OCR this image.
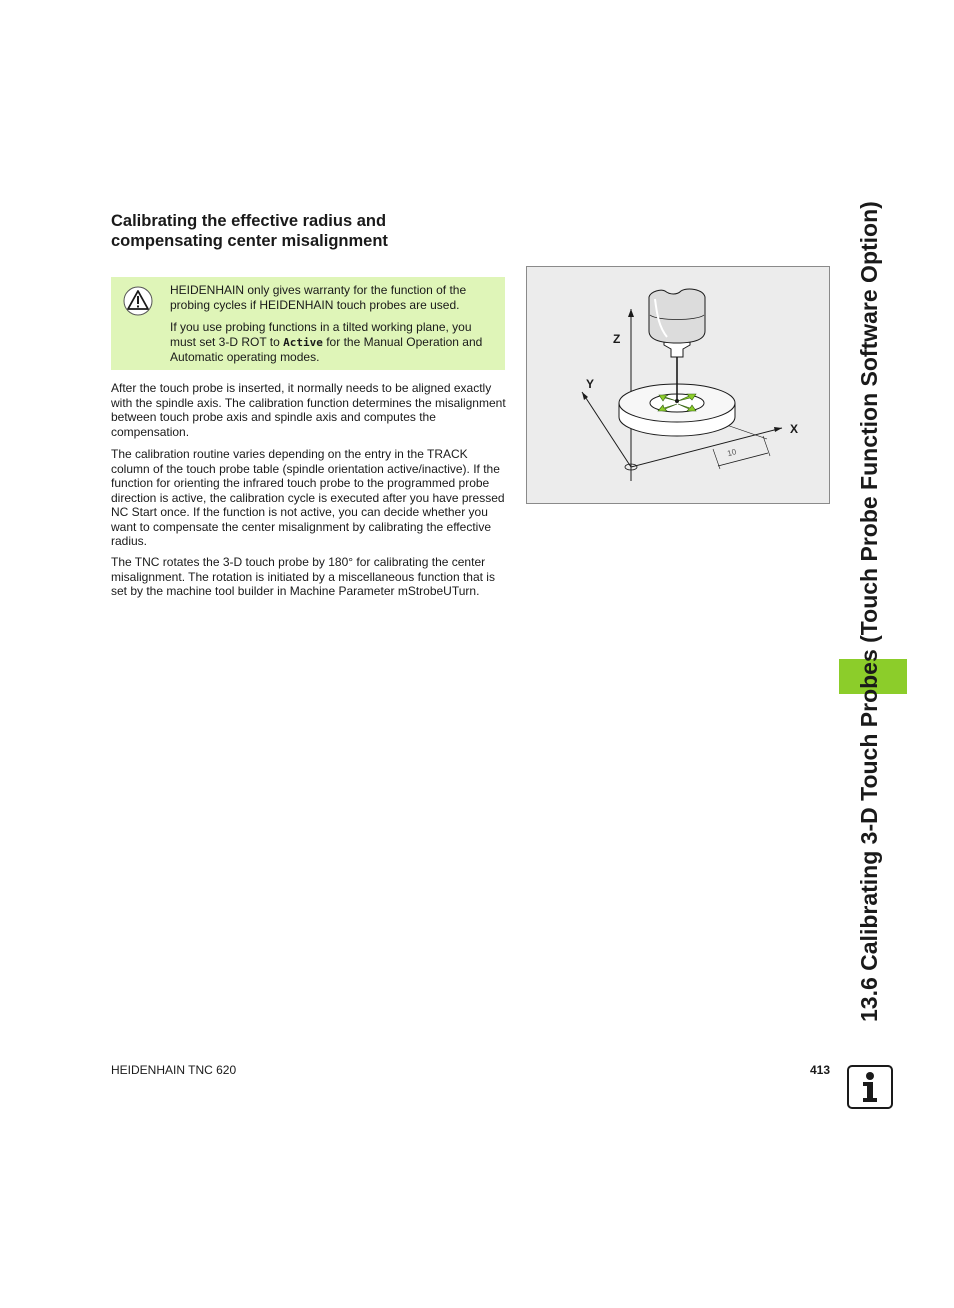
Calibrating the effective radius and
compensating center misalignment

HEIDENHAIN only gives warranty for the function of the probing cycles if HEIDENHAIN touch probes are used.

If you use probing functions in a tilted working plane, you must set 3-D ROT to Active for the Manual Operation and Automatic operating modes.

After the touch probe is inserted, it normally needs to be aligned exactly with the spindle axis. The calibration function determines the misalignment between touch probe axis and spindle axis and computes the compensation.

The calibration routine varies depending on the entry in the TRACK column of the touch probe table (spindle orientation active/inactive). If the function for orienting the infrared touch probe to the programmed probe direction is active, the calibration cycle is executed after you have pressed NC Start once. If the function is not active, you can decide whether you want to compensate the center misalignment by calibrating the effective radius.

The TNC rotates the 3-D touch probe by 180° for calibrating the center misalignment. The rotation is initiated by a miscellaneous function that is set by the machine tool builder in Machine Parameter mStrobeUTurn.

10
Z
Y
X	13.6 Calibrating 3-D Touch Probes (Touch Probe Function Software Option)
HEIDENHAIN TNC 620	413
